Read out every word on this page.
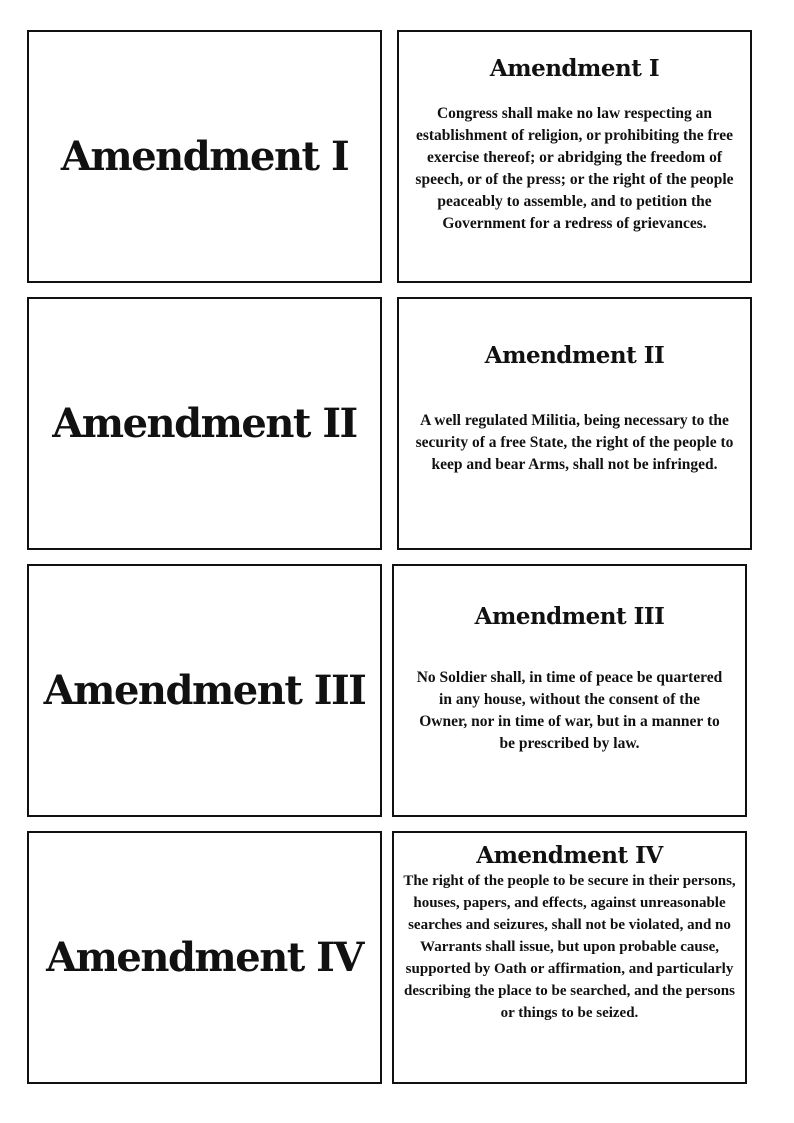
Amendment I
Amendment I
Congress shall make no law respecting an establishment of religion, or prohibiting the free exercise thereof; or abridging the freedom of speech, or of the press; or the right of the people peaceably to assemble, and to petition the Government for a redress of grievances.
Amendment II
Amendment II
A well regulated Militia, being necessary to the security of a free State, the right of the people to keep and bear Arms, shall not be infringed.
Amendment III
Amendment III
No Soldier shall, in time of peace be quartered in any house, without the consent of the Owner, nor in time of war, but in a manner to be prescribed by law.
Amendment IV
Amendment IV
The right of the people to be secure in their persons, houses, papers, and effects, against unreasonable searches and seizures, shall not be violated, and no Warrants shall issue, but upon probable cause, supported by Oath or affirmation, and particularly describing the place to be searched, and the persons or things to be seized.
